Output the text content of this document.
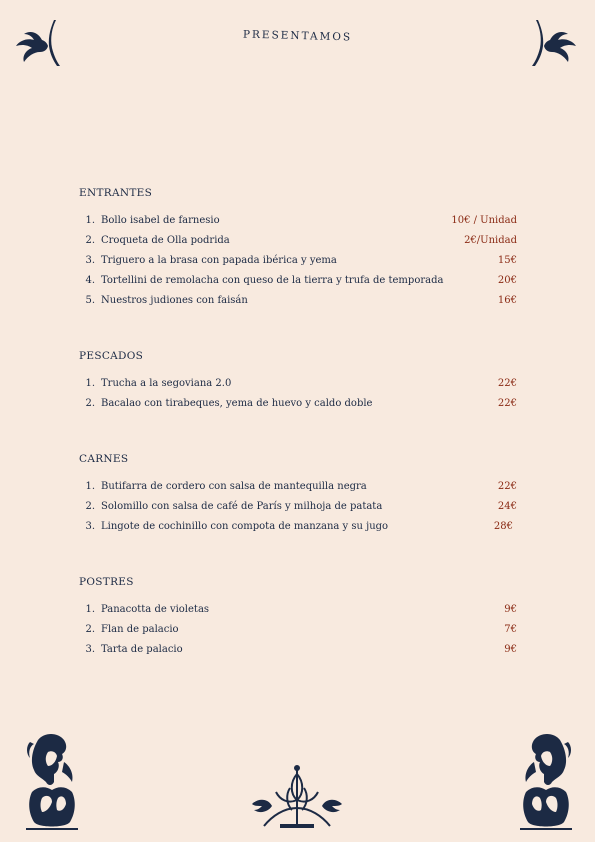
PRESENTAMOS
ENTRANTES
1. Bollo isabel de farnesio	10€ / Unidad
2. Croqueta de Olla podrida	2€/Unidad
3. Triguero a la brasa con papada ibérica y yema	15€
4. Tortellini de remolacha con queso de la tierra y trufa de temporada	20€
5. Nuestros judiones con faisán	16€
PESCADOS
1. Trucha a la segoviana 2.0	22€
2. Bacalao con tirabeques, yema de huevo y caldo doble	22€
CARNES
1. Butifarra de cordero con salsa de mantequilla negra	22€
2. Solomillo con salsa de café de París y milhoja de patata	24€
3. Lingote de cochinillo con compota de manzana y su jugo	28€
POSTRES
1. Panacotta de violetas	9€
2. Flan de palacio	7€
3. Tarta de palacio	9€
